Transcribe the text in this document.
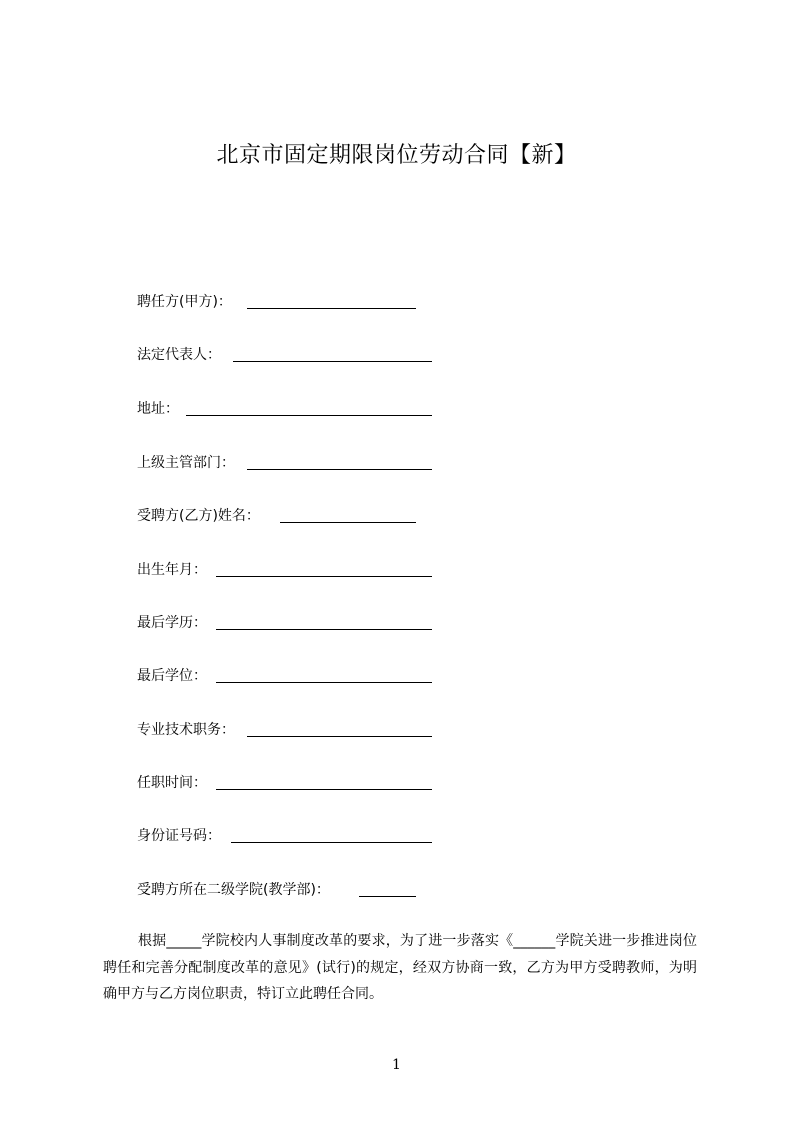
北京市固定期限岗位劳动合同【新】
聘任方(甲方)：
法定代表人：
地址：
上级主管部门：
受聘方(乙方)姓名：
出生年月：
最后学历：
最后学位：
专业技术职务：
任职时间：
身份证号码：
受聘方所在二级学院(教学部)：
根据_____学院校内人事制度改革的要求，为了进一步落实《______学院关进一步推进岗位聘任和完善分配制度改革的意见》(试行)的规定，经双方协商一致，乙方为甲方受聘教师，为明确甲方与乙方岗位职责，特订立此聘任合同。
1
